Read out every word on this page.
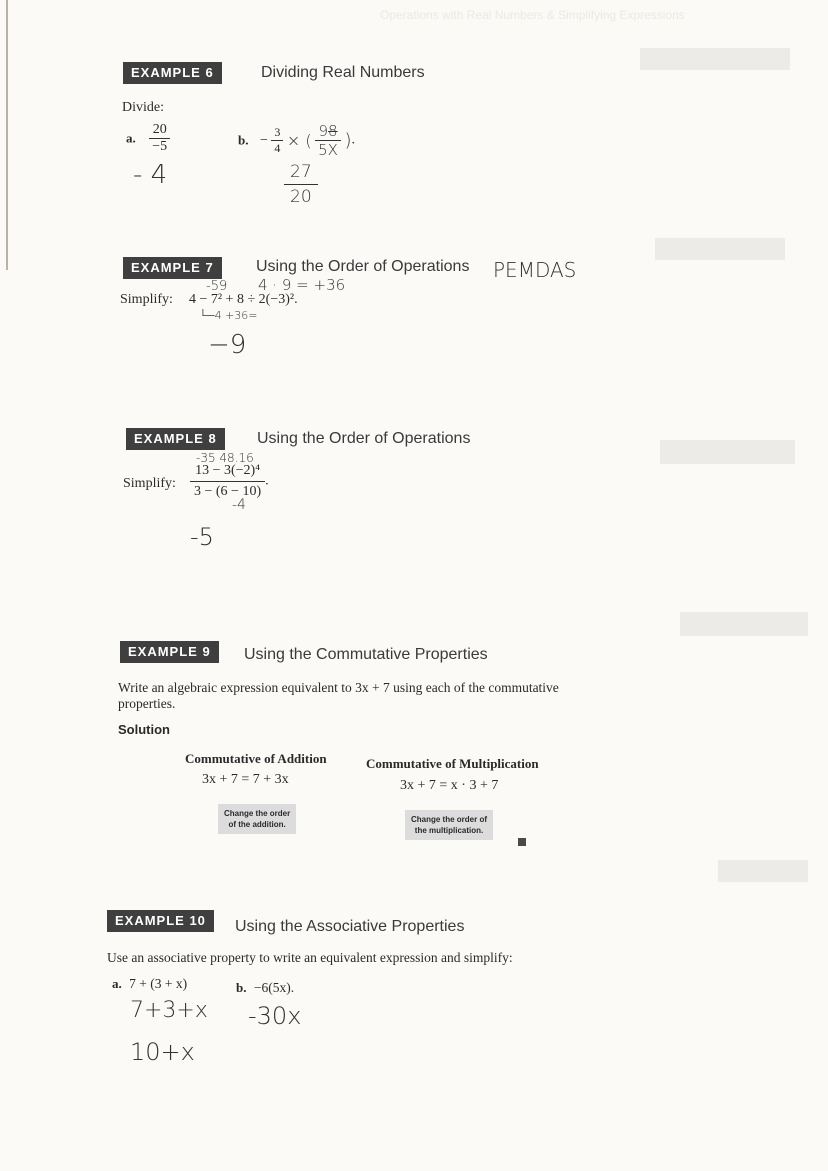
Operations with Real Numbers & Simplifying Expressions
EXAMPLE 6	Dividing Real Numbers
Divide:
a. $\frac{20}{-5}$	b. − $\frac{3}{4}$ × ( $\frac{98}{5X}$ ).
- 4	$\frac{27}{20}$
EXAMPLE 7	Using the Order of Operations PEMDAS
-59 4 · 9 = +36
Simplify: 4 − 7² + 8 ÷ 2(−3)².
└─4 +36=
−9
EXAMPLE 8	Using the Order of Operations
-35 48.16
Simplify: $\frac{\text{13 − 3(−2)⁴}}{3 - (6 - 10)}$ .
-4
-5
EXAMPLE 9	Using the Commutative Properties
Write an algebraic expression equivalent to 3x + 7 using each of the commutative properties.
Solution
Commutative of Addition
3x + 7 = 7 + 3x
Change the order
of the addition.
Commutative of Multiplication
3x + 7 = x · 3 + 7
Change the order of
the multiplication.
EXAMPLE 10	Using the Associative Properties
Use an associative property to write an equivalent expression and simplify:
a. 7 + (3 + x)	b. −6(5x).
7+3+x -30x
10+x
